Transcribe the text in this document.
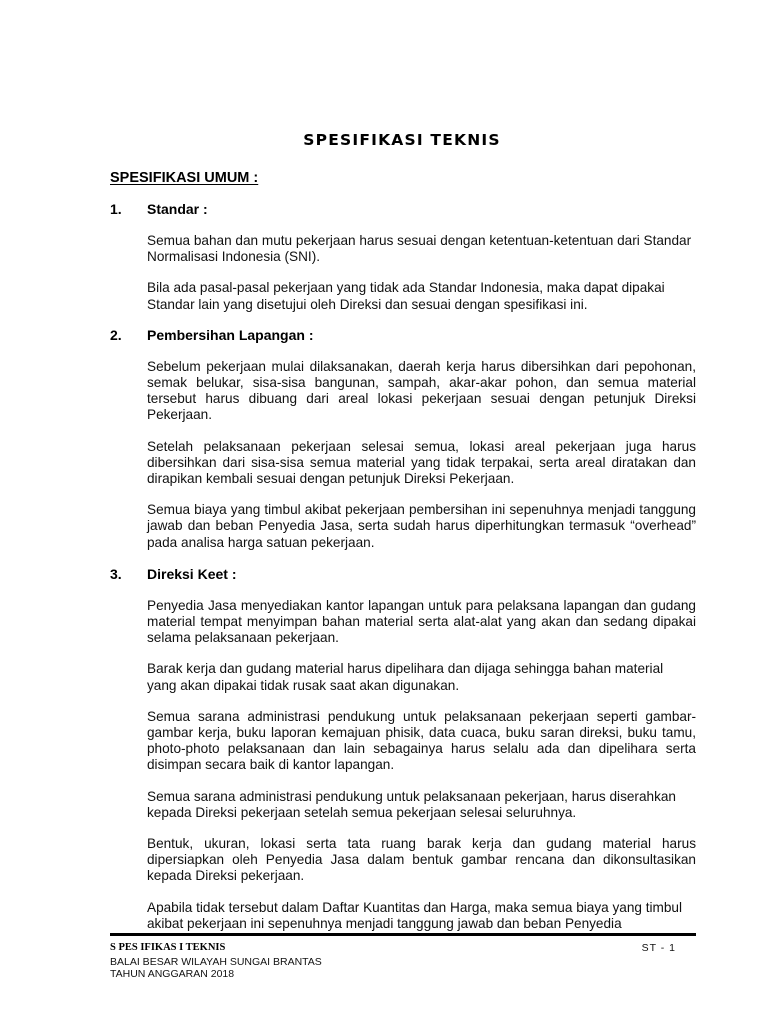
SPESIFIKASI TEKNIS
SPESIFIKASI UMUM :
1.	Standar :
Semua bahan dan mutu pekerjaan harus sesuai dengan ketentuan-ketentuan dari Standar Normalisasi Indonesia (SNI).
Bila ada pasal-pasal pekerjaan yang tidak ada Standar Indonesia, maka dapat dipakai Standar lain yang disetujui oleh Direksi dan sesuai dengan spesifikasi ini.
2.	Pembersihan Lapangan :
Sebelum pekerjaan mulai dilaksanakan, daerah kerja harus dibersihkan dari pepohonan, semak belukar, sisa-sisa bangunan, sampah, akar-akar pohon, dan semua material tersebut harus dibuang dari areal lokasi pekerjaan sesuai dengan petunjuk Direksi Pekerjaan.
Setelah pelaksanaan pekerjaan selesai semua, lokasi areal pekerjaan juga harus dibersihkan dari sisa-sisa semua material yang tidak terpakai, serta areal diratakan dan dirapikan kembali sesuai dengan petunjuk Direksi Pekerjaan.
Semua biaya yang timbul akibat pekerjaan pembersihan ini sepenuhnya menjadi tanggung jawab dan beban Penyedia Jasa, serta sudah harus diperhitungkan termasuk “overhead” pada analisa harga satuan pekerjaan.
3.	Direksi Keet :
Penyedia Jasa menyediakan kantor lapangan untuk para pelaksana lapangan dan gudang material tempat menyimpan bahan material serta alat-alat yang akan dan sedang dipakai selama pelaksanaan pekerjaan.
Barak kerja dan gudang material harus dipelihara dan dijaga sehingga bahan material yang akan dipakai tidak rusak saat akan digunakan.
Semua sarana administrasi pendukung untuk pelaksanaan pekerjaan seperti gambar-gambar kerja, buku laporan kemajuan phisik, data cuaca, buku saran direksi, buku tamu, photo-photo pelaksanaan dan lain sebagainya harus selalu ada dan dipelihara serta disimpan secara baik di kantor lapangan.
Semua sarana administrasi pendukung untuk pelaksanaan pekerjaan, harus diserahkan kepada Direksi pekerjaan setelah semua pekerjaan selesai seluruhnya.
Bentuk, ukuran, lokasi serta tata ruang barak kerja dan gudang material harus dipersiapkan oleh Penyedia Jasa dalam bentuk gambar rencana dan dikonsultasikan kepada Direksi pekerjaan.
Apabila tidak tersebut dalam Daftar Kuantitas dan Harga, maka semua biaya yang timbul akibat pekerjaan ini sepenuhnya menjadi tanggung jawab dan beban Penyedia
S PES IFIKAS I TEKNIS
BALAI BESAR WILAYAH SUNGAI BRANTAS
TAHUN ANGGARAN 2018
ST - 1
